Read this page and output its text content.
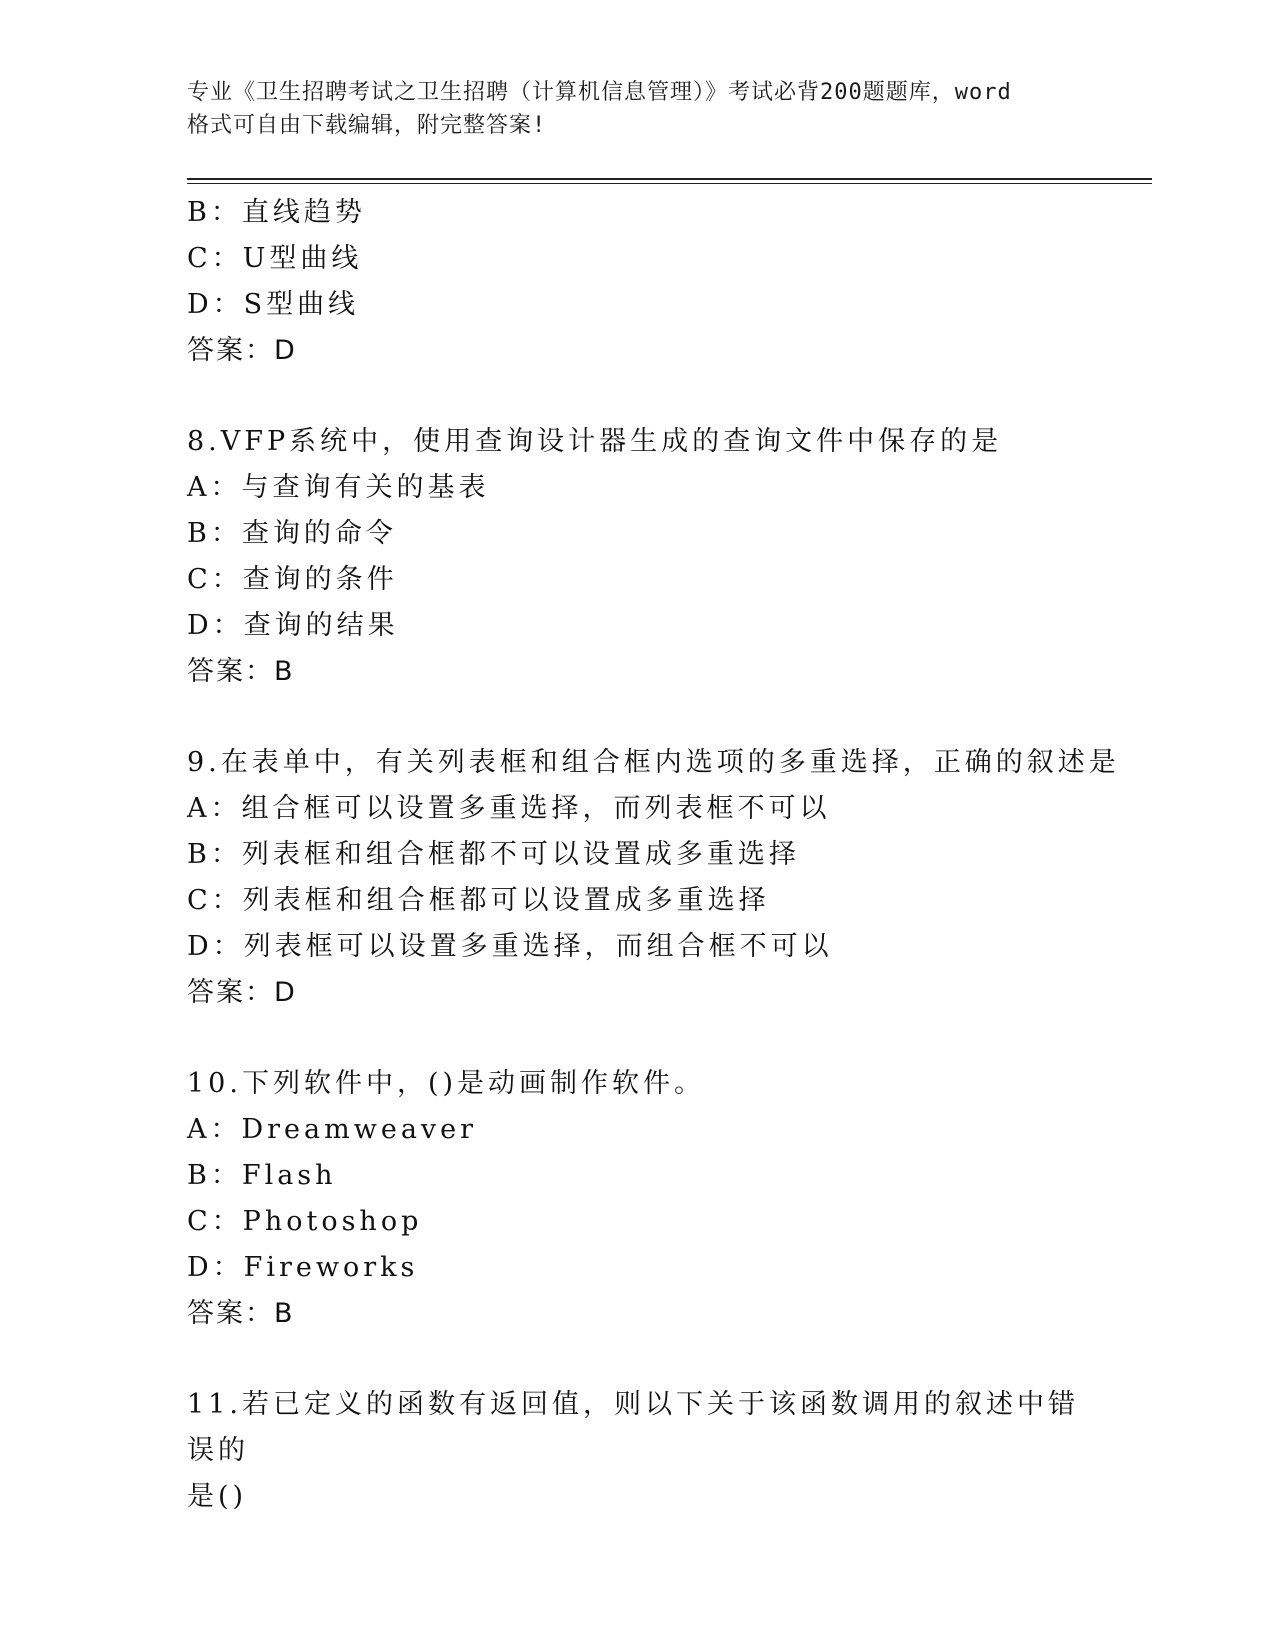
专业《卫生招聘考试之卫生招聘（计算机信息管理）》考试必背200题题库，word
格式可自由下载编辑，附完整答案!
B：直线趋势
C：U型曲线
D：S型曲线
答案：D
8.VFP系统中，使用查询设计器生成的查询文件中保存的是
A：与查询有关的基表
B：查询的命令
C：查询的条件
D：查询的结果
答案：B
9.在表单中，有关列表框和组合框内选项的多重选择，正确的叙述是
A：组合框可以设置多重选择，而列表框不可以
B：列表框和组合框都不可以设置成多重选择
C：列表框和组合框都可以设置成多重选择
D：列表框可以设置多重选择，而组合框不可以
答案：D
10.下列软件中，()是动画制作软件。
A：Dreamweaver
B：Flash
C：Photoshop
D：Fireworks
答案：B
11.若已定义的函数有返回值，则以下关于该函数调用的叙述中错误的
是()
